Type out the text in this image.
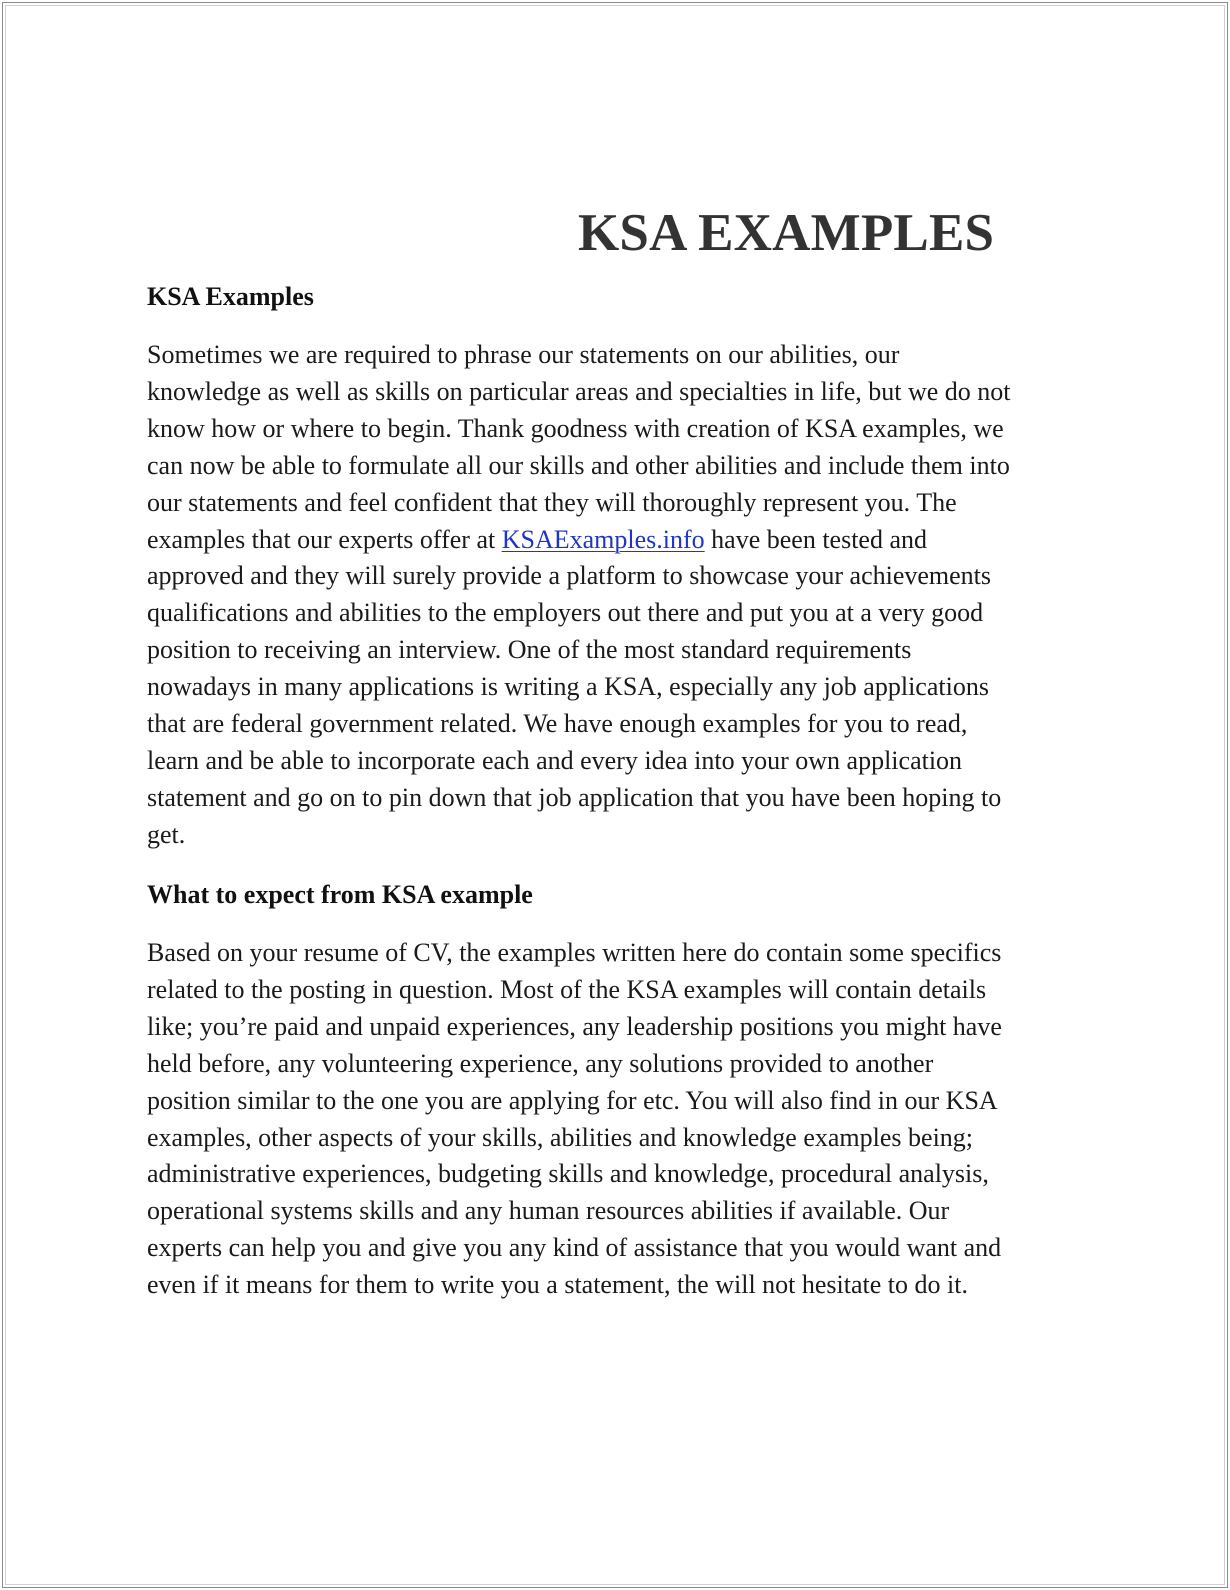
KSA EXAMPLES
KSA Examples
Sometimes we are required to phrase our statements on our abilities, our
knowledge as well as skills on particular areas and specialties in life, but we do not
know how or where to begin. Thank goodness with creation of KSA examples, we
can now be able to formulate all our skills and other abilities and include them into
our statements and feel confident that they will thoroughly represent you. The
examples that our experts offer at KSAExamples.info have been tested and
approved and they will surely provide a platform to showcase your achievements
qualifications and abilities to the employers out there and put you at a very good
position to receiving an interview. One of the most standard requirements
nowadays in many applications is writing a KSA, especially any job applications
that are federal government related. We have enough examples for you to read,
learn and be able to incorporate each and every idea into your own application
statement and go on to pin down that job application that you have been hoping to
get.
What to expect from KSA example
Based on your resume of CV, the examples written here do contain some specifics
related to the posting in question. Most of the KSA examples will contain details
like; you’re paid and unpaid experiences, any leadership positions you might have
held before, any volunteering experience, any solutions provided to another
position similar to the one you are applying for etc. You will also find in our KSA
examples, other aspects of your skills, abilities and knowledge examples being;
administrative experiences, budgeting skills and knowledge, procedural analysis,
operational systems skills and any human resources abilities if available. Our
experts can help you and give you any kind of assistance that you would want and
even if it means for them to write you a statement, the will not hesitate to do it.
